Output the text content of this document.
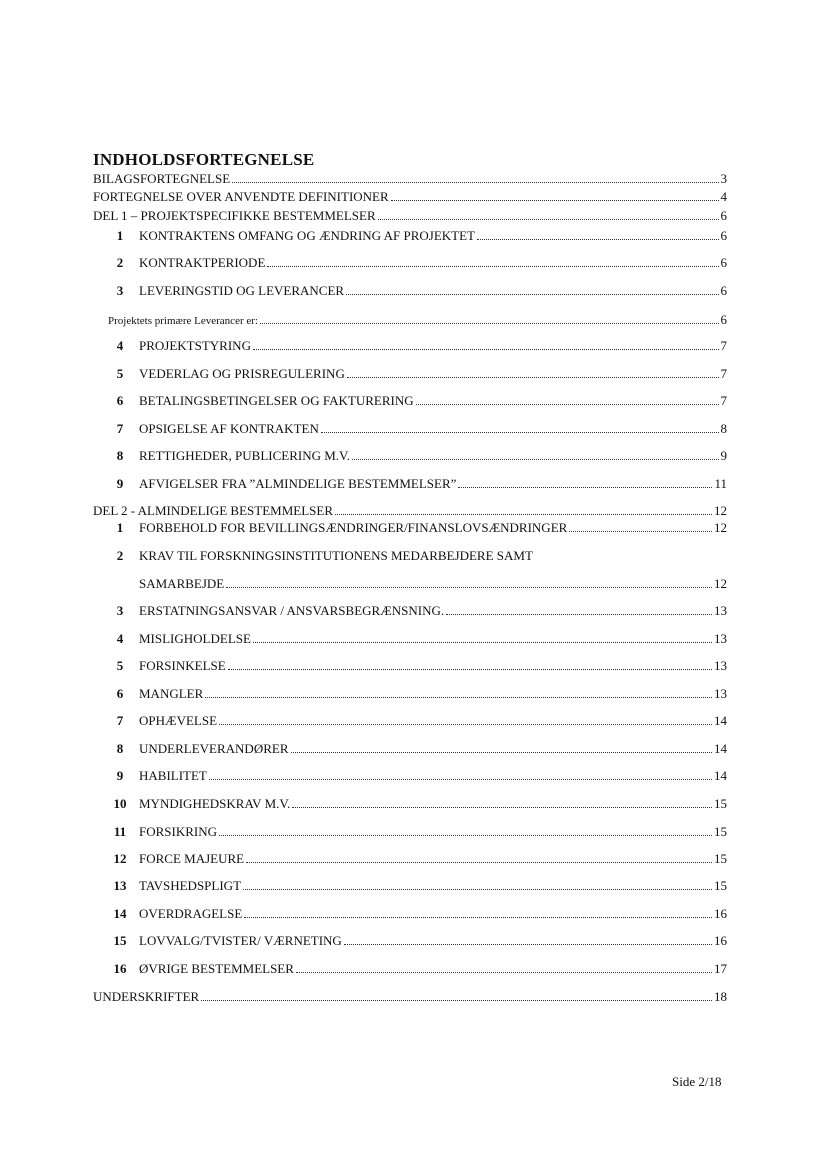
INDHOLDSFORTEGNELSE
BILAGSFORTEGNELSE	3
FORTEGNELSE OVER ANVENDTE DEFINITIONER	4
DEL 1 – PROJEKTSPECIFIKKE BESTEMMELSER	6
1	KONTRAKTENS OMFANG OG ÆNDRING AF PROJEKTET	6
2	KONTRAKTPERIODE	6
3	LEVERINGSTID OG LEVERANCER	6
Projektets primære Leverancer er:	6
4	PROJEKTSTYRING	7
5	VEDERLAG OG PRISREGULERING	7
6	BETALINGSBETINGELSER OG FAKTURERING	7
7	OPSIGELSE AF KONTRAKTEN	8
8	RETTIGHEDER, PUBLICERING M.V.	9
9	AFVIGELSER FRA ”ALMINDELIGE BESTEMMELSER”	11
DEL 2 - ALMINDELIGE BESTEMMELSER	12
1	FORBEHOLD FOR BEVILLINGSÆNDRINGER/FINANSLOVSÆNDRINGER	12
2	KRAV TIL FORSKNINGSINSTITUTIONENS MEDARBEJDERE SAMT
SAMARBEJDE	12
3	ERSTATNINGSANSVAR / ANSVARSBEGRÆNSNING.	13
4	MISLIGHOLDELSE	13
5	FORSINKELSE	13
6	MANGLER	13
7	OPHÆVELSE	14
8	UNDERLEVERANDØRER	14
9	HABILITET	14
10 MYNDIGHEDSKRAV M.V.	15
11 FORSIKRING	15
12 FORCE MAJEURE	15
13 TAVSHEDSPLIGT	15
14 OVERDRAGELSE	16
15 LOVVALG/TVISTER/ VÆRNETING	16
16 ØVRIGE BESTEMMELSER	17
UNDERSKRIFTER	18
Side 2/18
